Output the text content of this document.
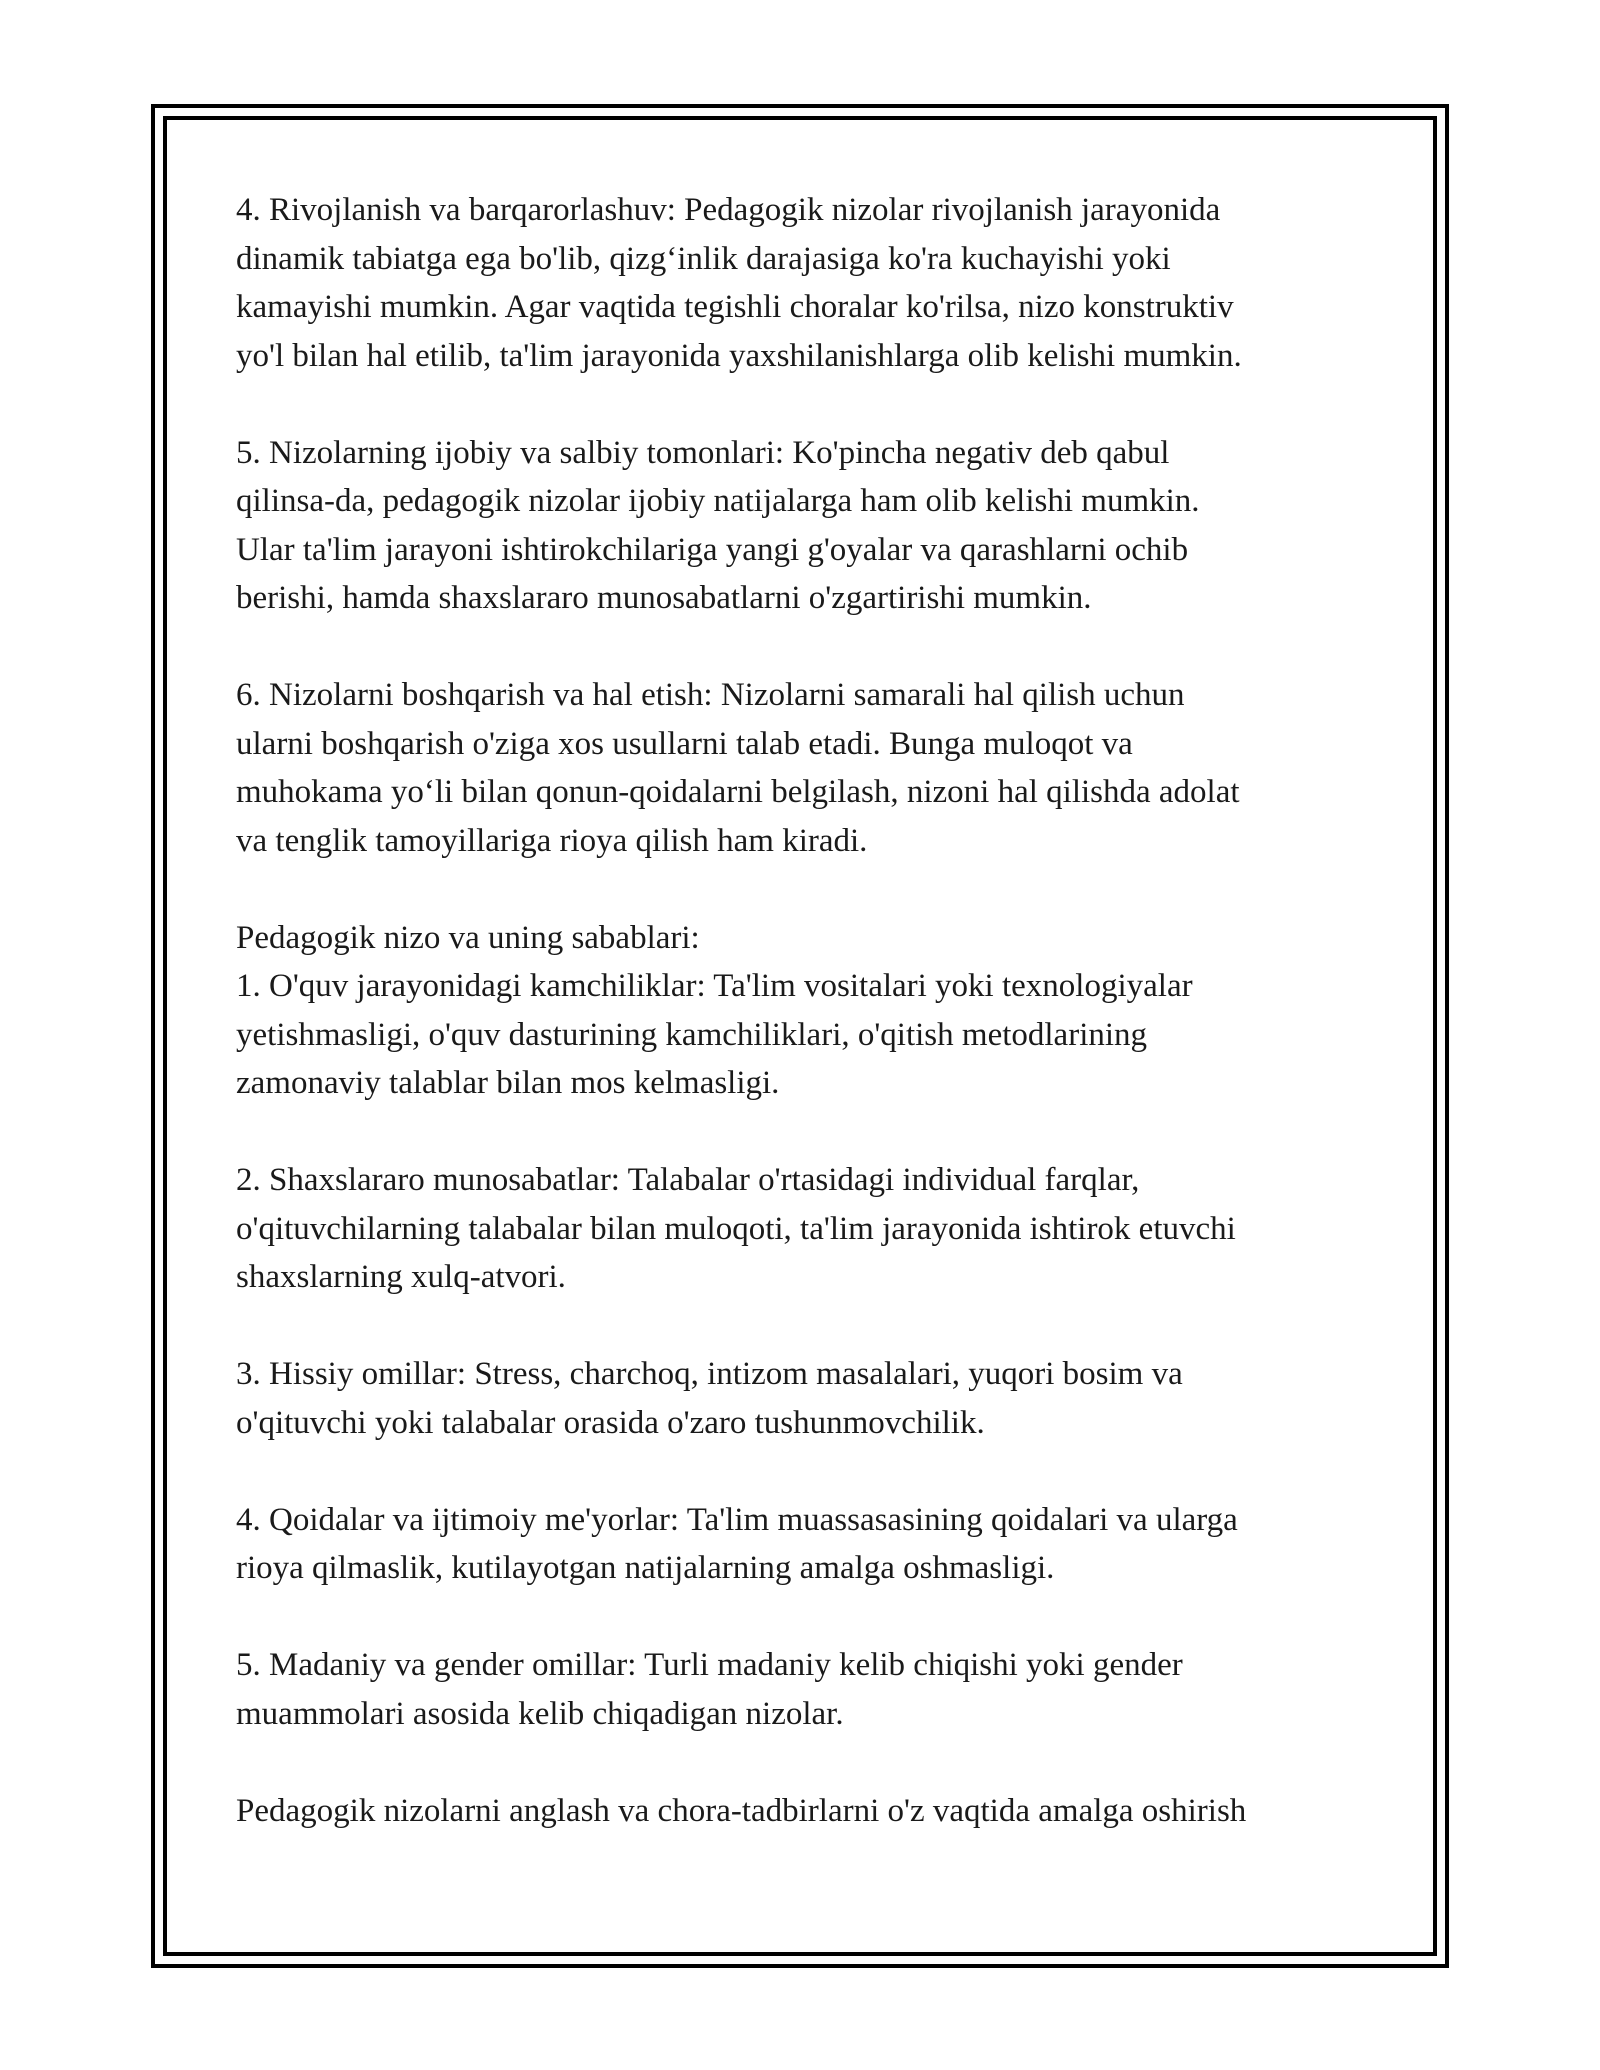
4. Rivojlanish va barqarorlashuv: Pedagogik nizolar rivojlanish jarayonida
dinamik tabiatga ega bo'lib, qizg‘inlik darajasiga ko'ra kuchayishi yoki
kamayishi mumkin. Agar vaqtida tegishli choralar ko'rilsa, nizo konstruktiv
yo'l bilan hal etilib, ta'lim jarayonida yaxshilanishlarga olib kelishi mumkin.

5. Nizolarning ijobiy va salbiy tomonlari: Ko'pincha negativ deb qabul
qilinsa-da, pedagogik nizolar ijobiy natijalarga ham olib kelishi mumkin.
Ular ta'lim jarayoni ishtirokchilariga yangi g'oyalar va qarashlarni ochib
berishi, hamda shaxslararo munosabatlarni o'zgartirishi mumkin.

6. Nizolarni boshqarish va hal etish: Nizolarni samarali hal qilish uchun
ularni boshqarish o'ziga xos usullarni talab etadi. Bunga muloqot va
muhokama yo‘li bilan qonun-qoidalarni belgilash, nizoni hal qilishda adolat
va tenglik tamoyillariga rioya qilish ham kiradi.

Pedagogik nizo va uning sabablari:

1. O'quv jarayonidagi kamchiliklar: Ta'lim vositalari yoki texnologiyalar
yetishmasligi, o'quv dasturining kamchiliklari, o'qitish metodlarining
zamonaviy talablar bilan mos kelmasligi.

2. Shaxslararo munosabatlar: Talabalar o'rtasidagi individual farqlar,
o'qituvchilarning talabalar bilan muloqoti, ta'lim jarayonida ishtirok etuvchi
shaxslarning xulq-atvori.

3. Hissiy omillar: Stress, charchoq, intizom masalalari, yuqori bosim va
o'qituvchi yoki talabalar orasida o'zaro tushunmovchilik.

4. Qoidalar va ijtimoiy me'yorlar: Ta'lim muassasasining qoidalari va ularga
rioya qilmaslik, kutilayotgan natijalarning amalga oshmasligi.

5. Madaniy va gender omillar: Turli madaniy kelib chiqishi yoki gender
muammolari asosida kelib chiqadigan nizolar.

Pedagogik nizolarni anglash va chora-tadbirlarni o'z vaqtida amalga oshirish
